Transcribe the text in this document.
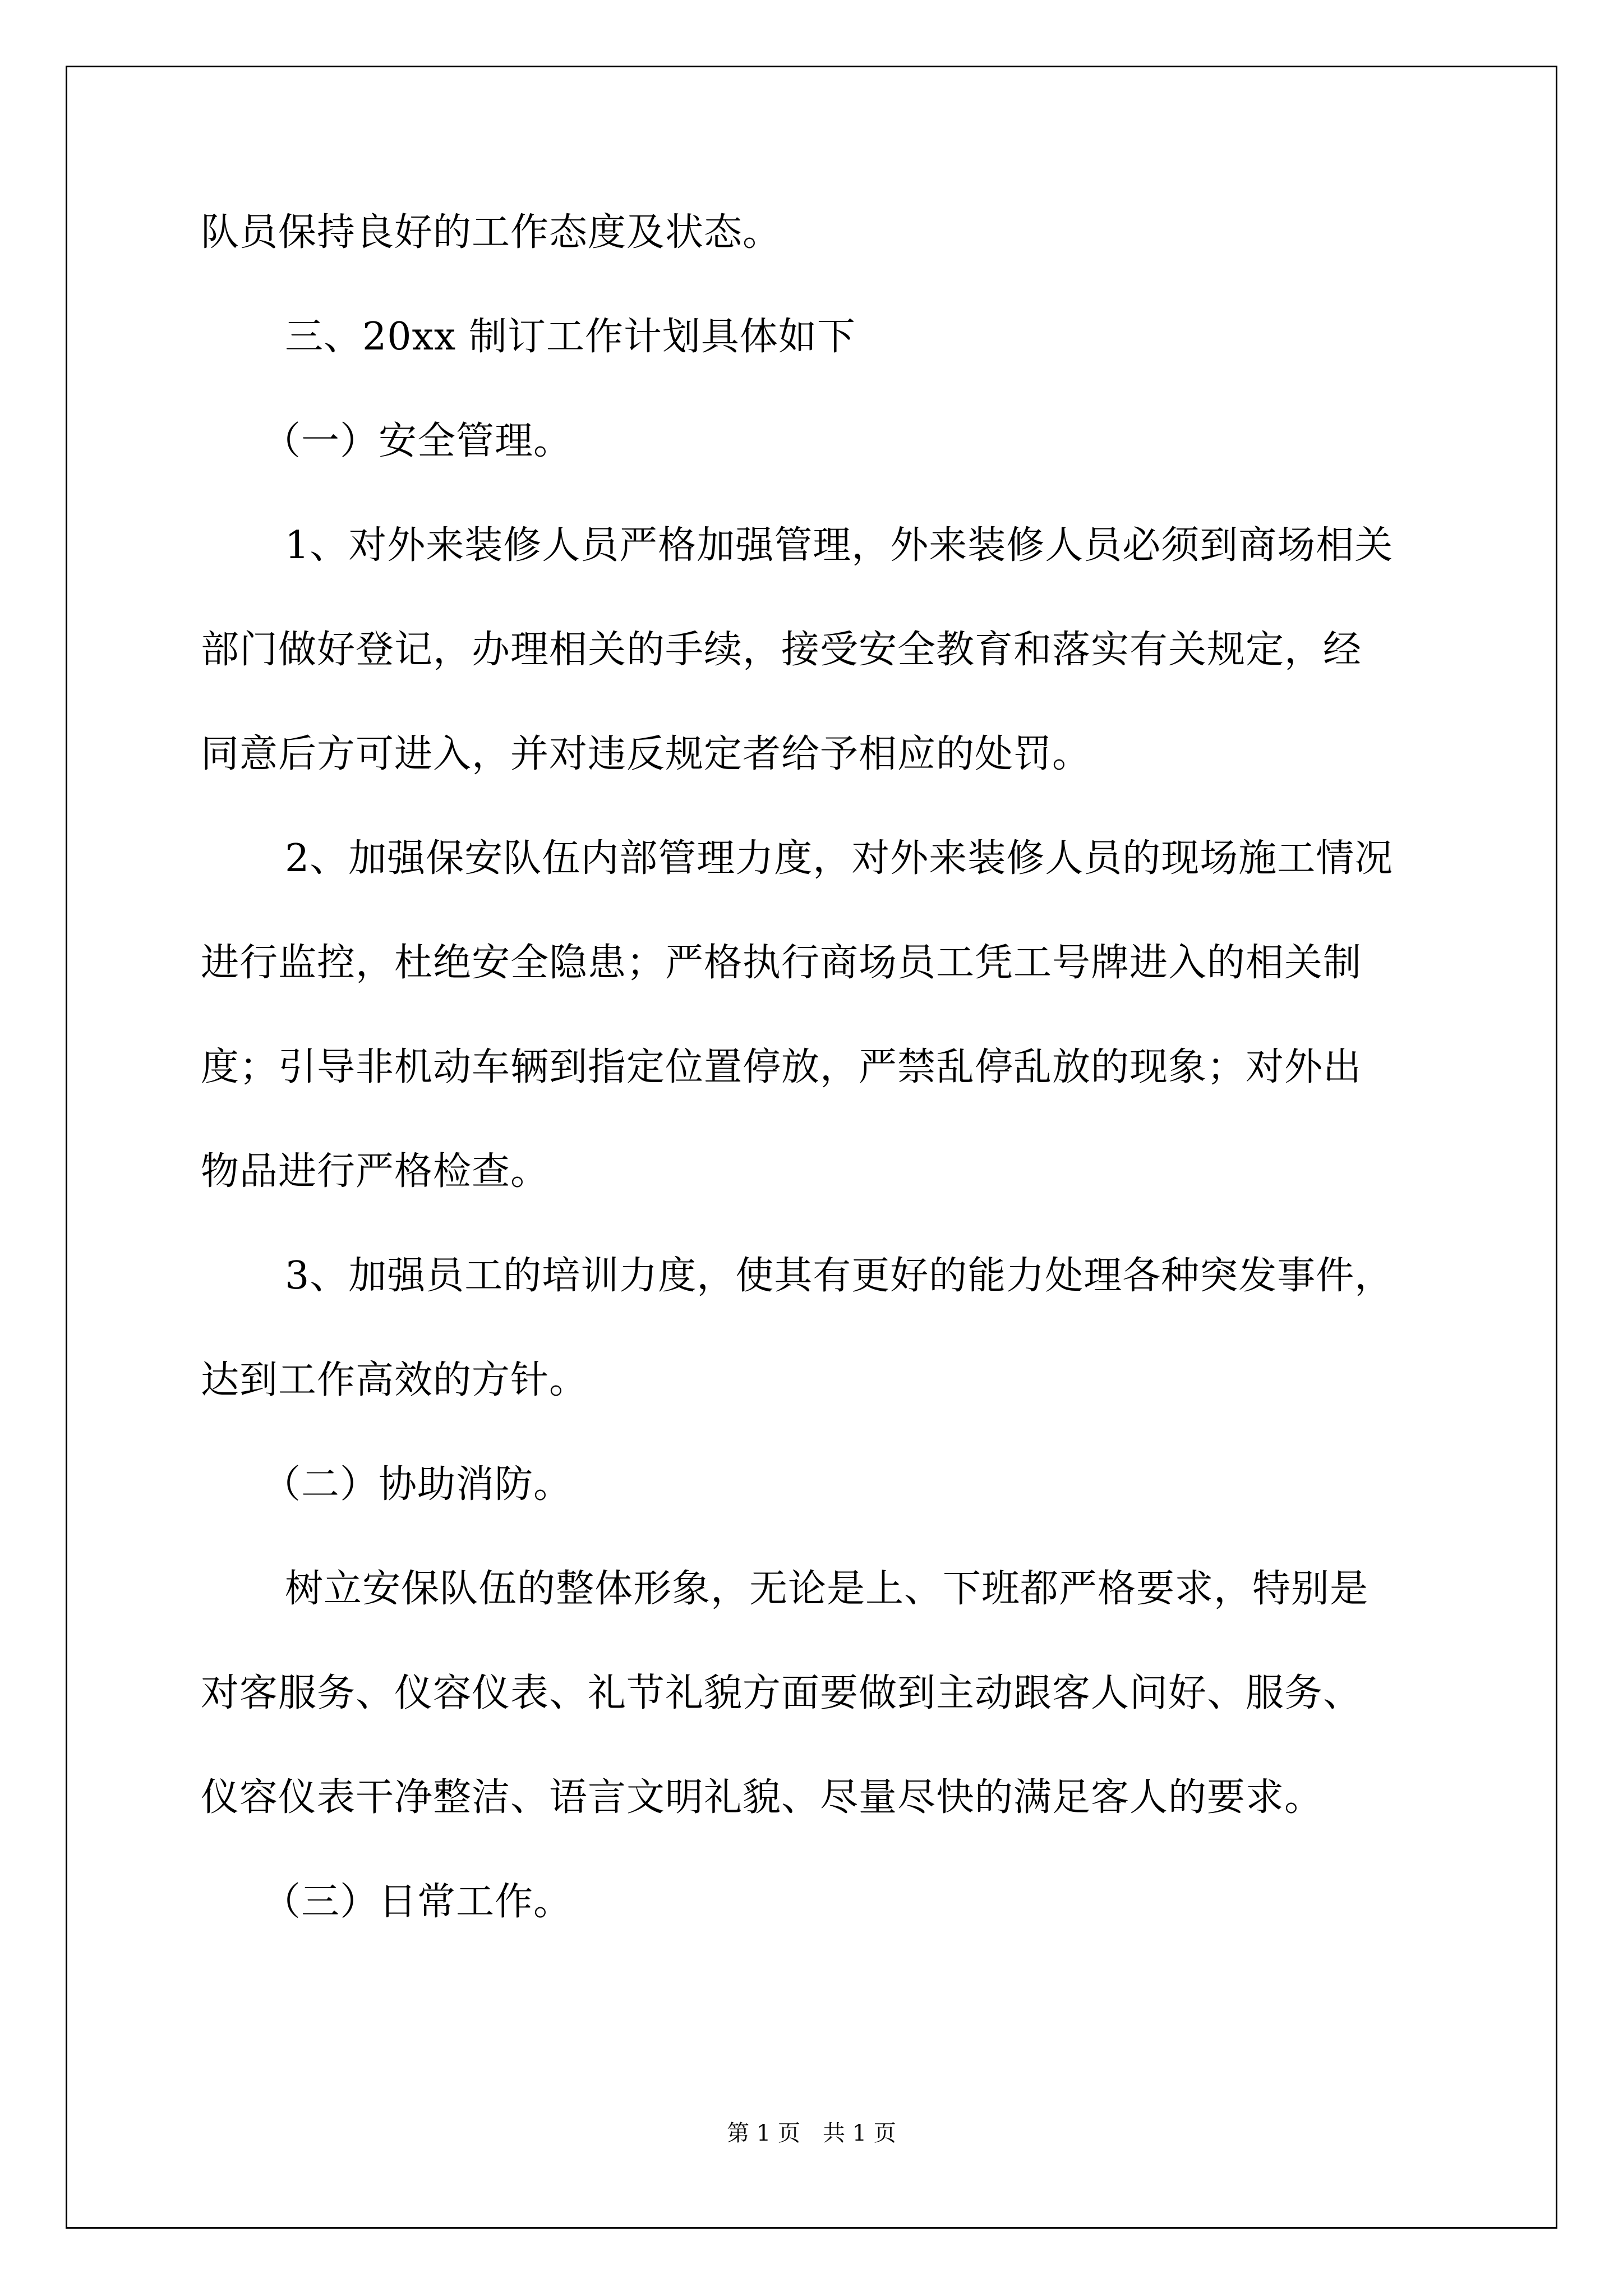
队员保持良好的工作态度及状态。
三、20xx 制订工作计划具体如下
（一）安全管理。
1、对外来装修人员严格加强管理，外来装修人员必须到商场相关
部门做好登记，办理相关的手续，接受安全教育和落实有关规定，经
同意后方可进入，并对违反规定者给予相应的处罚。
2、加强保安队伍内部管理力度，对外来装修人员的现场施工情况
进行监控，杜绝安全隐患；严格执行商场员工凭工号牌进入的相关制
度；引导非机动车辆到指定位置停放，严禁乱停乱放的现象；对外出
物品进行严格检查。
3、加强员工的培训力度，使其有更好的能力处理各种突发事件，
达到工作高效的方针。
（二）协助消防。
树立安保队伍的整体形象，无论是上、下班都严格要求，特别是
对客服务、仪容仪表、礼节礼貌方面要做到主动跟客人问好、服务、
仪容仪表干净整洁、语言文明礼貌、尽量尽快的满足客人的要求。
（三）日常工作。
第 1 页　共 1 页
